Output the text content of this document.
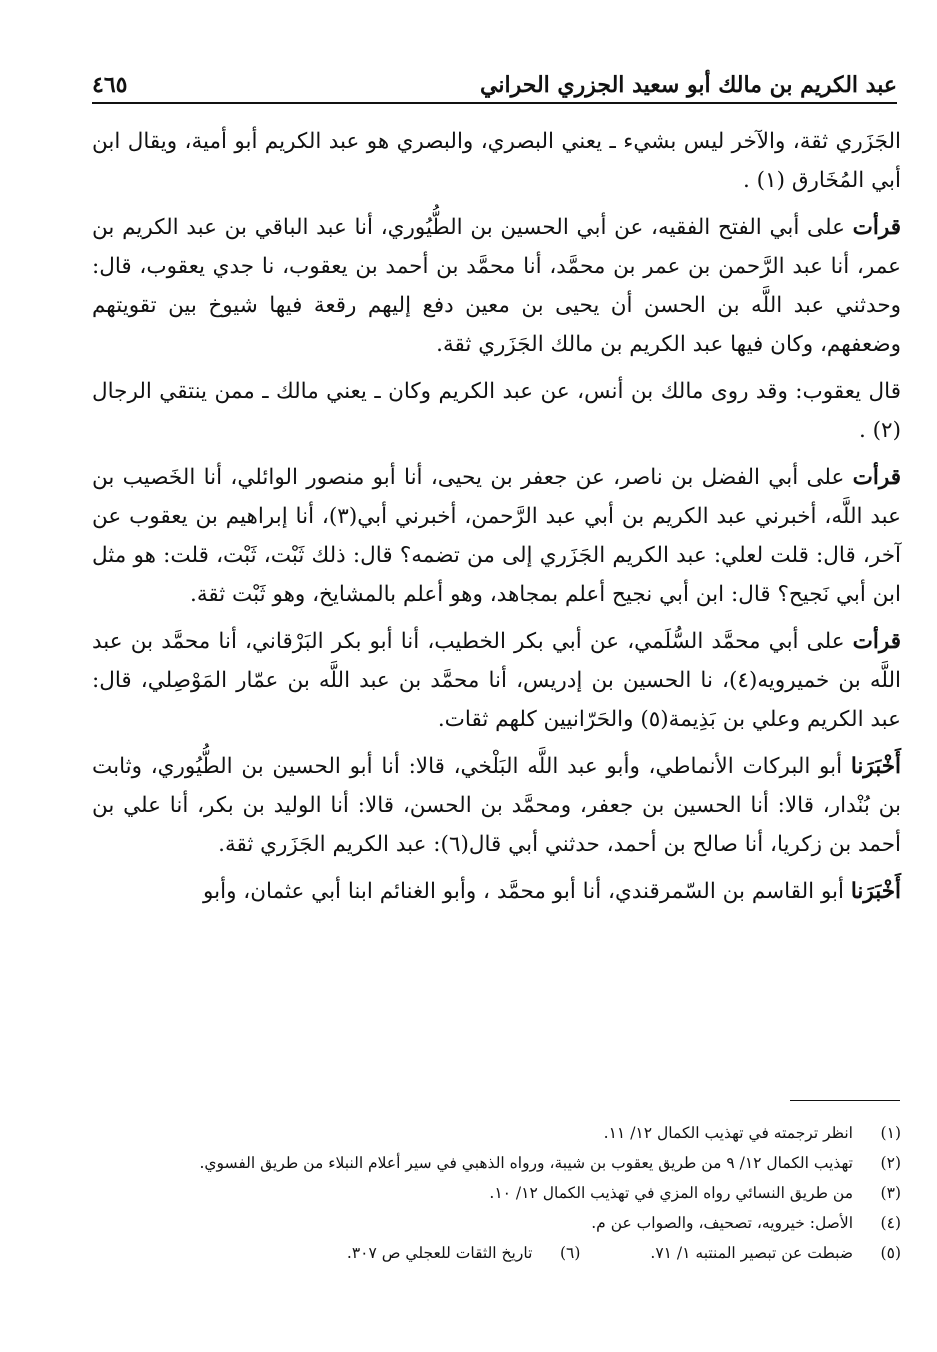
عبد الكريم بن مالك أبو سعيد الجزري الحراني
٤٦٥

الجَزَري ثقة، والآخر ليس بشيء ـ يعني البصري، والبصري هو عبد الكريم أبو أمية، ويقال ابن أبي المُخَارق (١) .

قرأت على أبي الفتح الفقيه، عن أبي الحسين بن الطُّيُوري، أنا عبد الباقي بن عبد الكريم بن عمر، أنا عبد الرَّحمن بن عمر بن محمَّد، أنا محمَّد بن أحمد بن يعقوب، نا جدي يعقوب، قال: وحدثني عبد اللَّه بن الحسن أن يحيى بن معين دفع إليهم رقعة فيها شيوخ بين تقويتهم وضعفهم، وكان فيها عبد الكريم بن مالك الجَزَري ثقة.

قال يعقوب: وقد روى مالك بن أنس، عن عبد الكريم وكان ـ يعني مالك ـ ممن ينتقي الرجال (٢) .

قرأت على أبي الفضل بن ناصر، عن جعفر بن يحيى، أنا أبو منصور الوائلي، أنا الخَصيب بن عبد اللَّه، أخبرني عبد الكريم بن أبي عبد الرَّحمن، أخبرني أبي(٣)، أنا إبراهيم بن يعقوب عن آخر، قال: قلت لعلي: عبد الكريم الجَزَري إلى من تضمه؟ قال: ذلك ثَبْت، ثَبْت، قلت: هو مثل ابن أبي نَجيح؟ قال: ابن أبي نجيح أعلم بمجاهد، وهو أعلم بالمشايخ، وهو ثَبْت ثقة.

قرأت على أبي محمَّد السُّلَمي، عن أبي بكر الخطيب، أنا أبو بكر البَرْقاني، أنا محمَّد بن عبد اللَّه بن خميرويه(٤)، نا الحسين بن إدريس، أنا محمَّد بن عبد اللَّه بن عمّار المَوْصِلي، قال: عبد الكريم وعلي بن بَذِيمة(٥) والحَرّانيين كلهم ثقات.

أَخْبَرَنا أبو البركات الأنماطي، وأبو عبد اللَّه البَلْخي، قالا: أنا أبو الحسين بن الطُّيُوري، وثابت بن بُنْدار، قالا: أنا الحسين بن جعفر، ومحمَّد بن الحسن، قالا: أنا الوليد بن بكر، أنا علي بن أحمد بن زكريا، أنا صالح بن أحمد، حدثني أبي قال(٦): عبد الكريم الجَزَري ثقة.

أَخْبَرَنا أبو القاسم بن السّمرقندي، أنا أبو محمَّد ، وأبو الغنائم ابنا أبي عثمان، وأبو

(١)
انظر ترجمته في تهذيب الكمال ١٢/ ١١.
(٢)
تهذيب الكمال ١٢/ ٩ من طريق يعقوب بن شيبة، ورواه الذهبي في سير أعلام النبلاء من طريق الفسوي.
(٣)
من طريق النسائي رواه المزي في تهذيب الكمال ١٢/ ١٠.
(٤)
الأصل: خيرويه، تصحيف، والصواب عن م.
(٥)
ضبطت عن تبصير المنتبه ١/ ٧١.
(٦)
تاريخ الثقات للعجلي ص ٣٠٧.
